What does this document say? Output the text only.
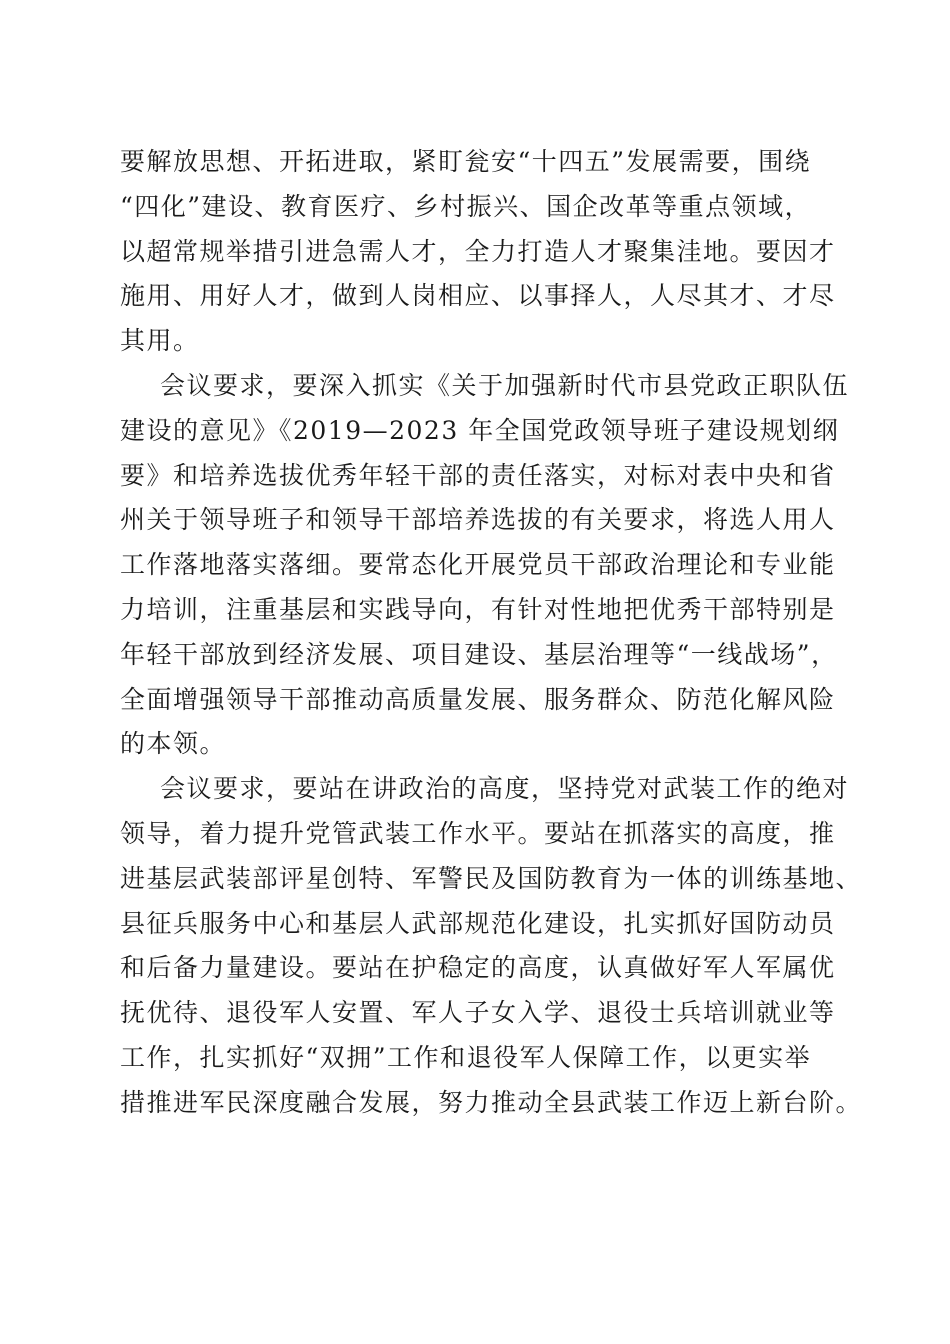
要解放思想、开拓进取，紧盯瓮安“十四五”发展需要，围绕
“四化”建设、教育医疗、乡村振兴、国企改革等重点领域，
以超常规举措引进急需人才，全力打造人才聚集洼地。要因才
施用、用好人才，做到人岗相应、以事择人，人尽其才、才尽
其用。
会议要求，要深入抓实《关于加强新时代市县党政正职队伍
建设的意见》《2019—2023 年全国党政领导班子建设规划纲
要》和培养选拔优秀年轻干部的责任落实，对标对表中央和省
州关于领导班子和领导干部培养选拔的有关要求，将选人用人
工作落地落实落细。要常态化开展党员干部政治理论和专业能
力培训，注重基层和实践导向，有针对性地把优秀干部特别是
年轻干部放到经济发展、项目建设、基层治理等“一线战场”，
全面增强领导干部推动高质量发展、服务群众、防范化解风险
的本领。
会议要求，要站在讲政治的高度，坚持党对武装工作的绝对
领导，着力提升党管武装工作水平。要站在抓落实的高度，推
进基层武装部评星创特、军警民及国防教育为一体的训练基地、
县征兵服务中心和基层人武部规范化建设，扎实抓好国防动员
和后备力量建设。要站在护稳定的高度，认真做好军人军属优
抚优待、退役军人安置、军人子女入学、退役士兵培训就业等
工作，扎实抓好“双拥”工作和退役军人保障工作，以更实举
措推进军民深度融合发展，努力推动全县武装工作迈上新台阶。
